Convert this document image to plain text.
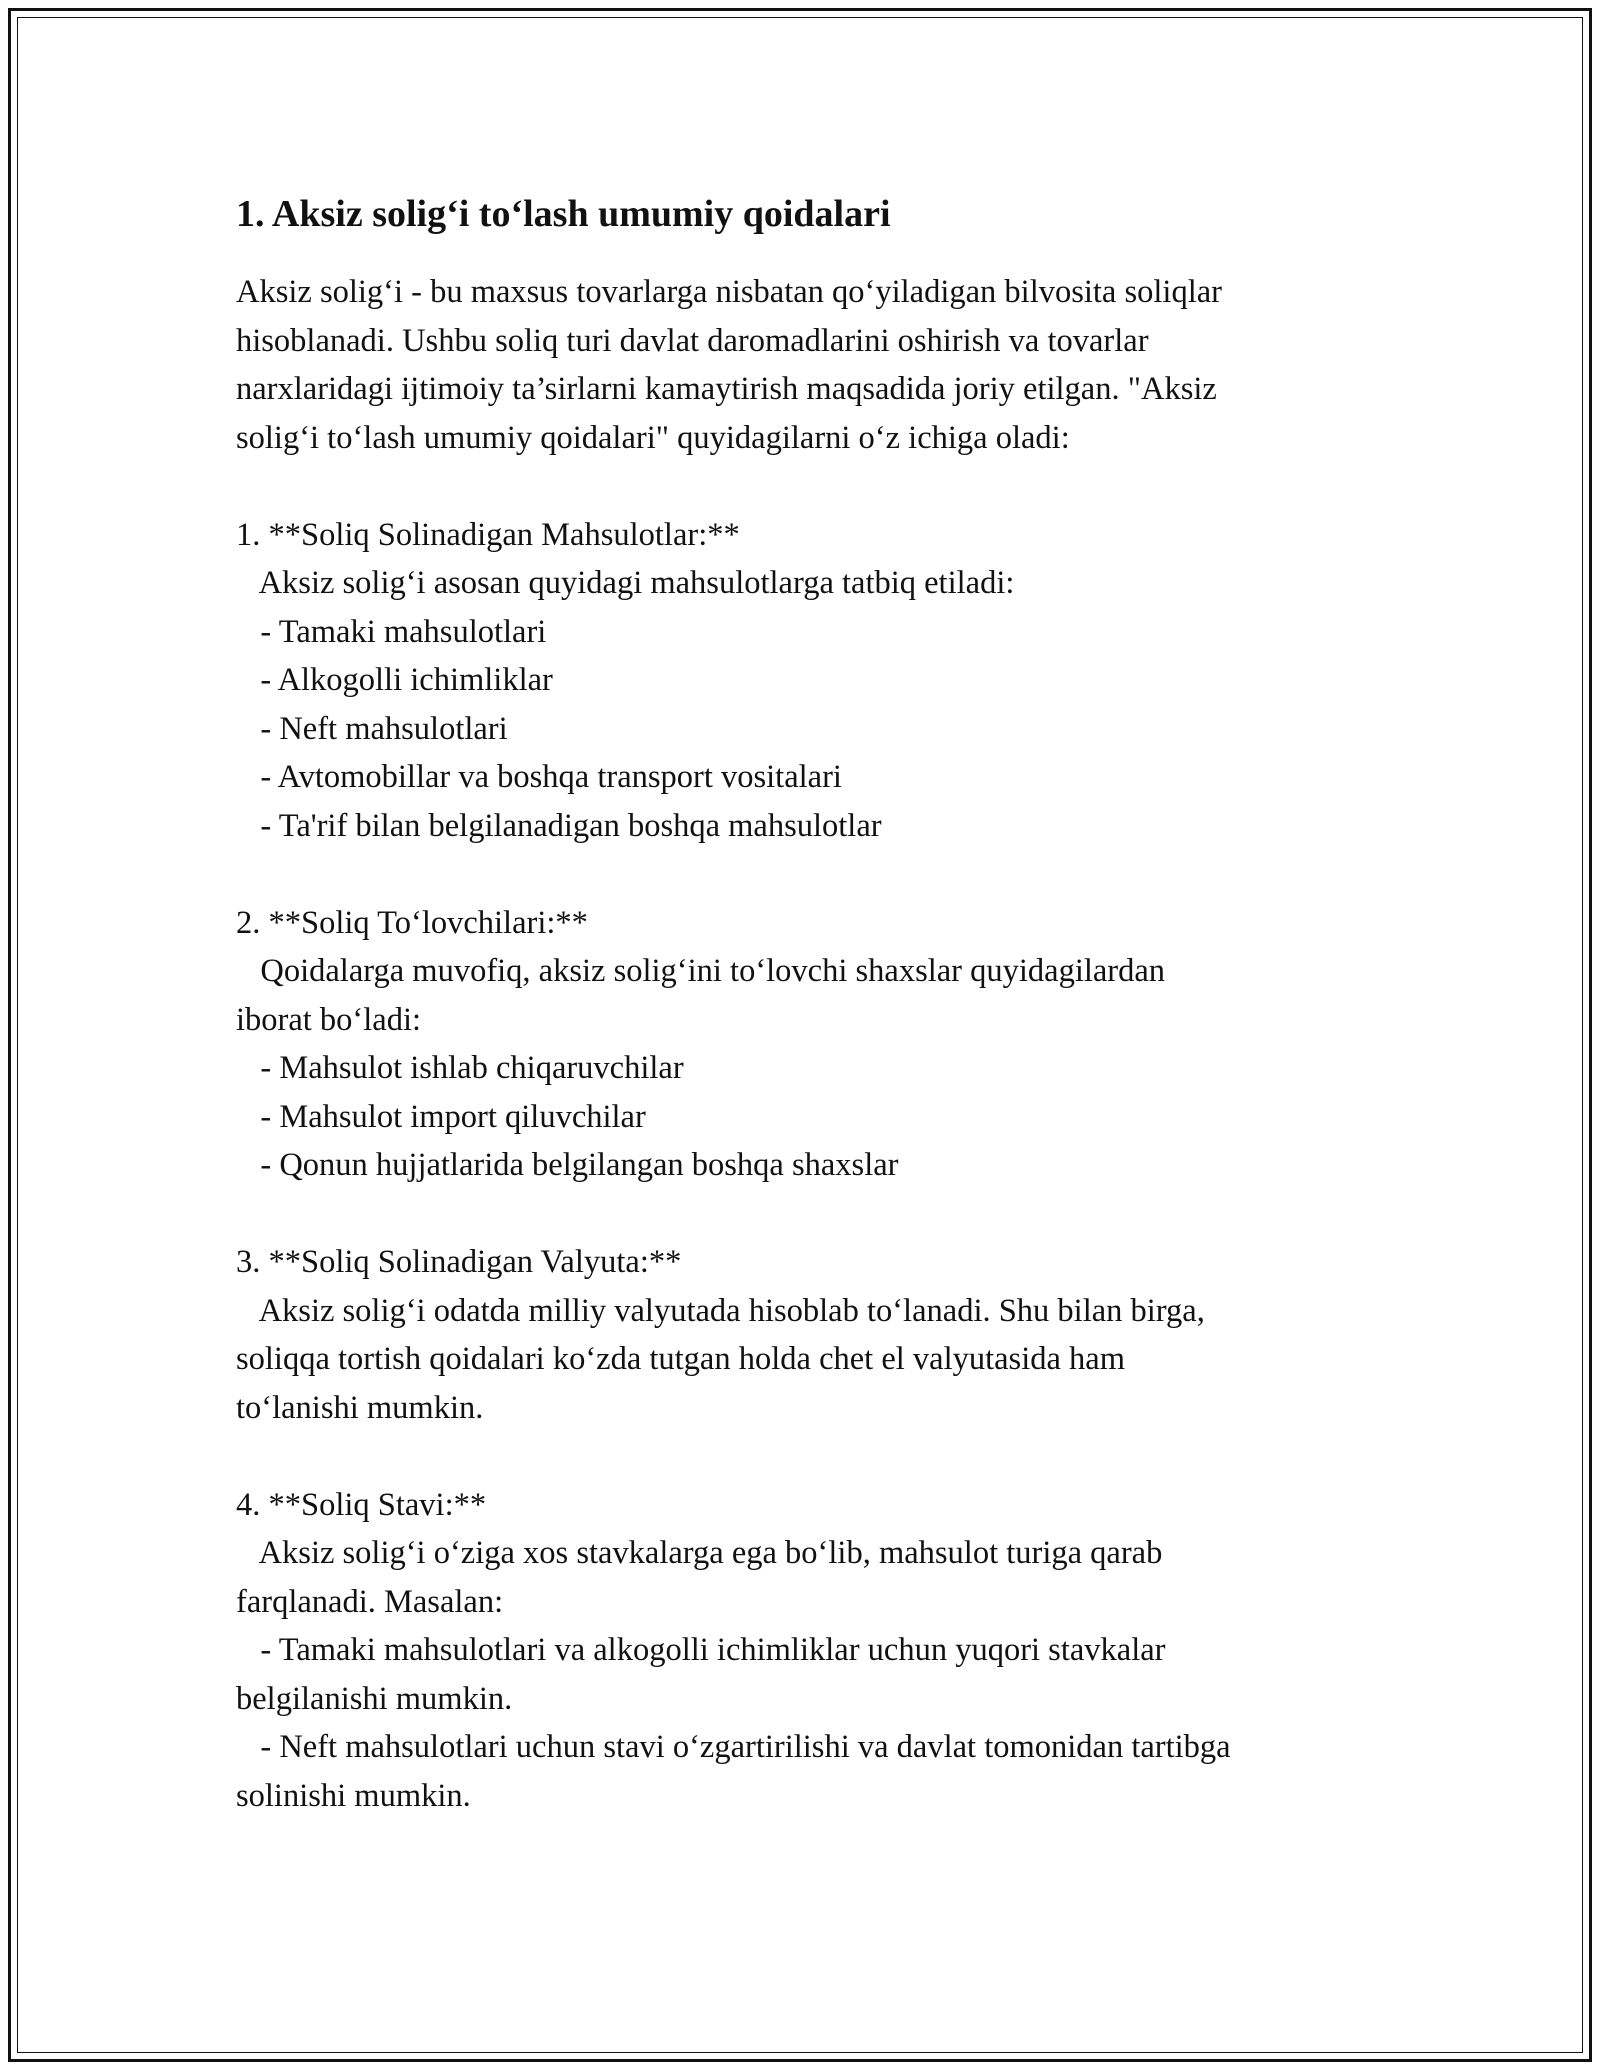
1. Aksiz solig‘i to‘lash umumiy qoidalari

Aksiz solig‘i - bu maxsus tovarlarga nisbatan qo‘yiladigan bilvosita soliqlar

hisoblanadi. Ushbu soliq turi davlat daromadlarini oshirish va tovarlar

narxlaridagi ijtimoiy ta’sirlarni kamaytirish maqsadida joriy etilgan. "Aksiz

solig‘i to‘lash umumiy qoidalari" quyidagilarni o‘z ichiga oladi:

1. **Soliq Solinadigan Mahsulotlar:**

Aksiz solig‘i asosan quyidagi mahsulotlarga tatbiq etiladi:

- Tamaki mahsulotlari

- Alkogolli ichimliklar

- Neft mahsulotlari

- Avtomobillar va boshqa transport vositalari

- Ta'rif bilan belgilanadigan boshqa mahsulotlar

2. **Soliq To‘lovchilari:**

Qoidalarga muvofiq, aksiz solig‘ini to‘lovchi shaxslar quyidagilardan

iborat bo‘ladi:

- Mahsulot ishlab chiqaruvchilar

- Mahsulot import qiluvchilar

- Qonun hujjatlarida belgilangan boshqa shaxslar

3. **Soliq Solinadigan Valyuta:**

Aksiz solig‘i odatda milliy valyutada hisoblab to‘lanadi. Shu bilan birga,

soliqqa tortish qoidalari ko‘zda tutgan holda chet el valyutasida ham

to‘lanishi mumkin.

4. **Soliq Stavi:**

Aksiz solig‘i o‘ziga xos stavkalarga ega bo‘lib, mahsulot turiga qarab

farqlanadi. Masalan:

- Tamaki mahsulotlari va alkogolli ichimliklar uchun yuqori stavkalar

belgilanishi mumkin.

- Neft mahsulotlari uchun stavi o‘zgartirilishi va davlat tomonidan tartibga

solinishi mumkin.
